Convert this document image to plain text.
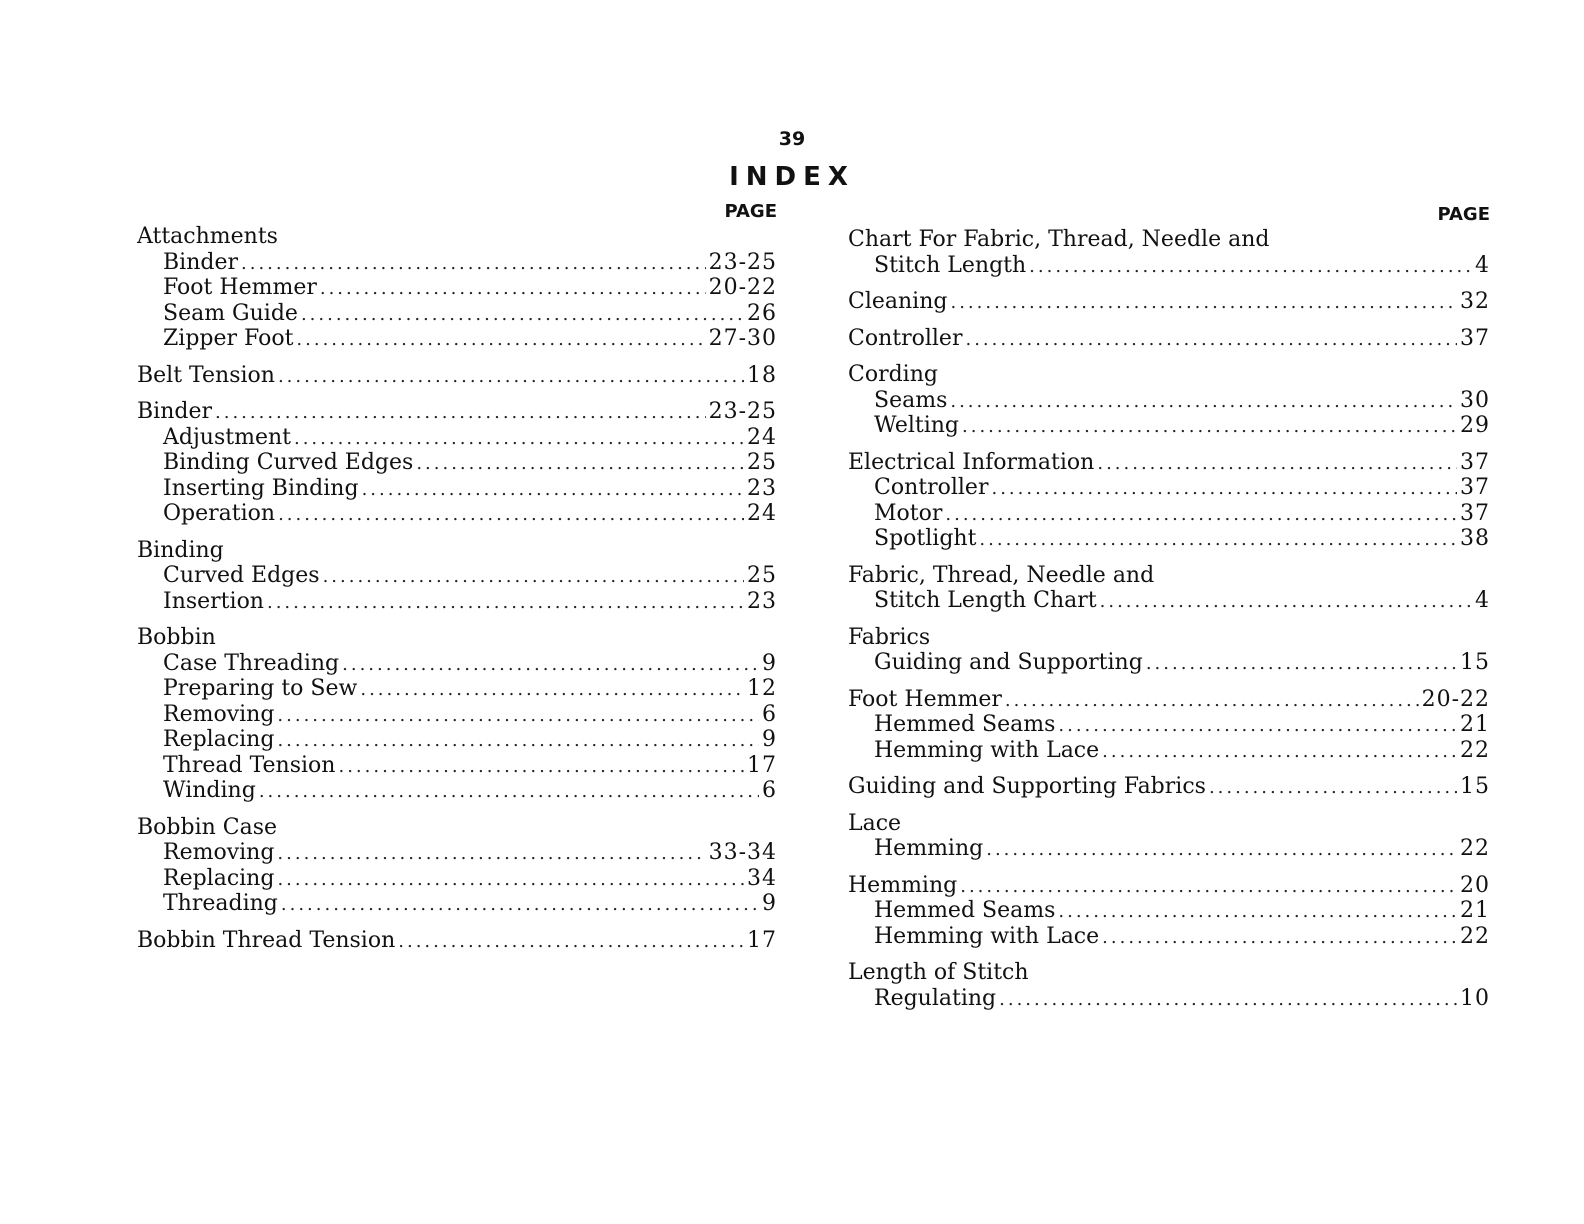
39
INDEX
PAGE
Attachments
Binder .....	23-25
Foot Hemmer .....	20-22
Seam Guide .....	26
Zipper Foot .....	27-30
Belt Tension .....	18
Binder .....	23-25
Adjustment .....	24
Binding Curved Edges .....	25
Inserting Binding .....	23
Operation .....	24
Binding
Curved Edges .....	25
Insertion .....	23
Bobbin
Case Threading .....	9
Preparing to Sew .....	12
Removing .....	6
Replacing .....	9
Thread Tension .....	17
Winding .....	6
Bobbin Case
Removing .....	33-34
Replacing .....	34
Threading .....	9
Bobbin Thread Tension .....	17
PAGE
Chart For Fabric, Thread, Needle and
Stitch Length .....	4
Cleaning .....	32
Controller .....	37
Cording
Seams .....	30
Welting .....	29
Electrical Information .....	37
Controller .....	37
Motor .....	37
Spotlight .....	38
Fabric, Thread, Needle and
Stitch Length Chart .....	4
Fabrics
Guiding and Supporting .....	15
Foot Hemmer .....	20-22
Hemmed Seams .....	21
Hemming with Lace .....	22
Guiding and Supporting Fabrics .....	15
Lace
Hemming .....	22
Hemming .....	20
Hemmed Seams .....	21
Hemming with Lace .....	22
Length of Stitch
Regulating .....	10
